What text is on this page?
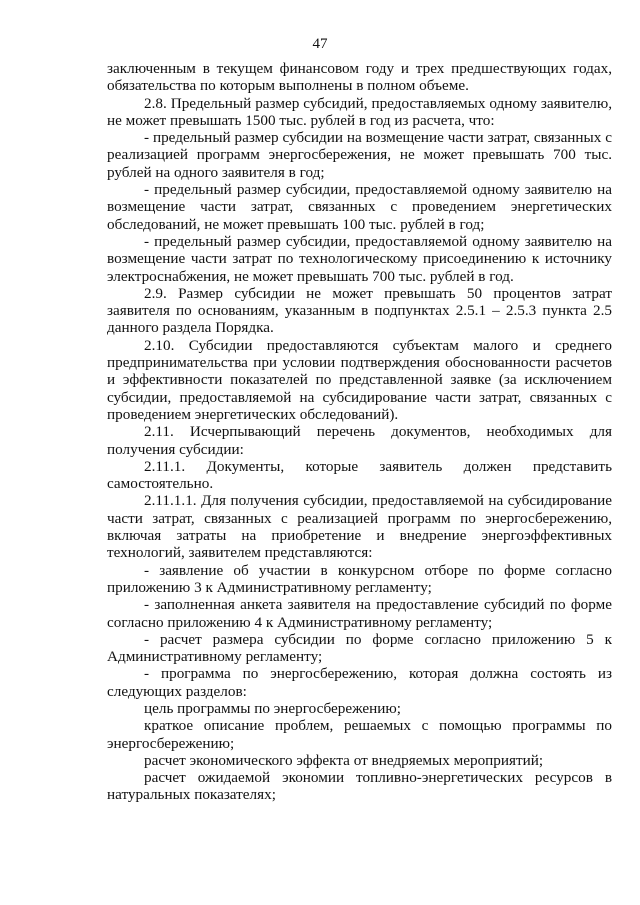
47

заключенным в текущем финансовом году и трех предшествующих годах, обязательства по которым выполнены в полном объеме.

2.8. Предельный размер субсидий, предоставляемых одному заявителю, не может превышать 1500 тыс. рублей в год из расчета, что:

- предельный размер субсидии на возмещение части затрат, связанных с реализацией программ энергосбережения, не может превышать 700 тыс. рублей на одного заявителя в год;

- предельный размер субсидии, предоставляемой одному заявителю на возмещение части затрат, связанных с проведением энергетических обследований, не может превышать 100 тыс. рублей в год;

- предельный размер субсидии, предоставляемой одному заявителю на возмещение части затрат по технологическому присоединению к источнику электроснабжения, не может превышать 700 тыс. рублей в год.

2.9. Размер субсидии не может превышать 50 процентов затрат заявителя по основаниям, указанным в подпунктах 2.5.1 – 2.5.3 пункта 2.5 данного раздела Порядка.

2.10. Субсидии предоставляются субъектам малого и среднего предпринимательства при условии подтверждения обоснованности расчетов и эффективности показателей по представленной заявке (за исключением субсидии, предоставляемой на субсидирование части затрат, связанных с проведением энергетических обследований).

2.11. Исчерпывающий перечень документов, необходимых для получения субсидии:

2.11.1. Документы, которые заявитель должен представить самостоятельно.

2.11.1.1. Для получения субсидии, предоставляемой на субсидирование части затрат, связанных с реализацией программ по энергосбережению, включая затраты на приобретение и внедрение энергоэффективных технологий, заявителем представляются:

- заявление об участии в конкурсном отборе по форме согласно приложению 3 к Административному регламенту;

- заполненная анкета заявителя на предоставление субсидий по форме согласно приложению 4 к Административному регламенту;

- расчет размера субсидии по форме согласно приложению 5 к Административному регламенту;

- программа по энергосбережению, которая должна состоять из следующих разделов:

цель программы по энергосбережению;

краткое описание проблем, решаемых с помощью программы по энергосбережению;

расчет экономического эффекта от внедряемых мероприятий;

расчет ожидаемой экономии топливно-энергетических ресурсов в натуральных показателях;
